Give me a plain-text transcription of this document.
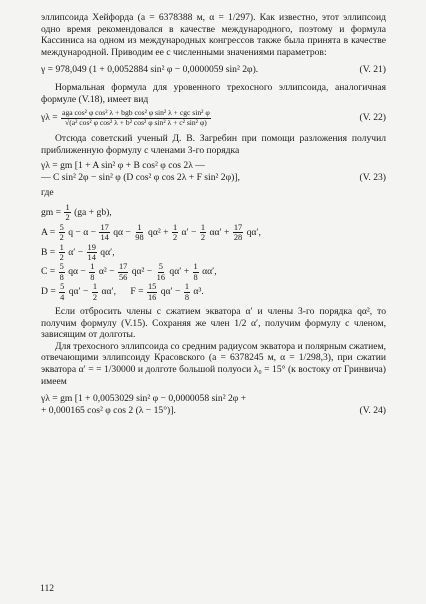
эллипсоида Хейфорда (a = 6378388 м, α = 1/297). Как известно, этот эллипсоид одно время рекомендовался в качестве международного, поэтому и формула Кассиниса на одном из международных конгрессов также была принята в качестве международной. Приводим ее с численными значениями параметров:

γ = 978,049 (1 + 0,0052884 sin² φ − 0,0000059 sin² 2φ).	(V. 21)

Нормальная формула для уровенного трехосного эллипсоида, аналогичная формуле (V.18), имеет вид

$\gamma\lambda = \frac{\text{aga cos² φ cos² λ + bgb cos² φ sin² λ + cgc sin² φ}}{\text{√(a² cos² φ cos² λ + b² cos² φ sin² λ + c² sin² φ)}}$	(V. 22)

Отсюда советский ученый Д. В. Загребин при помощи разложения получил приближенную формулу с членами 3-го порядка

γλ = gm [1 + A sin² φ + B cos² φ cos 2λ —
— C sin² 2φ − sin² φ (D cos² φ cos 2λ + F sin² 2φ)],	(V. 23)

где

gm = $\frac{1}{2} (ga + gb)$,
$A = \frac{5}{2}$ $q - \alpha - \frac{17}{14}$ $q\alpha - \frac{1}{98} q\alpha^2 + \frac{1}{2} \alpha' - \frac{1}{2} \alpha\alpha' + \frac{17}{28} q\alpha'$,
$B = \frac{1}{2} \alpha' - \frac{19}{14} q\alpha'$,
$C = \frac{5}{8}$ $q\alpha - \frac{1}{8} \alpha^2 - \frac{17}{56} q\alpha^2 - \frac{5}{16} q\alpha' + \frac{1}{8} \alpha\alpha'$,
$D = \frac{5}{4} q\alpha' - \frac{1}{2} \alpha\alpha'$,      $F = \frac{15}{16} q\alpha' - \frac{1}{8} \alpha^3$.

Если отбросить члены с сжатием экватора α′ и члены 3-го порядка qα², то получим формулу (V.15). Сохраняя же член 1/2 α′, получим формулу с членом, зависящим от долготы.

Для трехосного эллипсоида со средним радиусом экватора и полярным сжатием, отвечающими эллипсоиду Красовского (a = 6378245 м, α = 1/298,3), при сжатии экватора α′ = = 1/30000 и долготе большой полуоси λ₀ = 15° (к востоку от Гринвича) имеем

γλ = gm [1 + 0,0053029 sin² φ − 0,0000058 sin² 2φ +
+ 0,000165 cos² φ cos 2 (λ − 15°)].	(V. 24)
112
